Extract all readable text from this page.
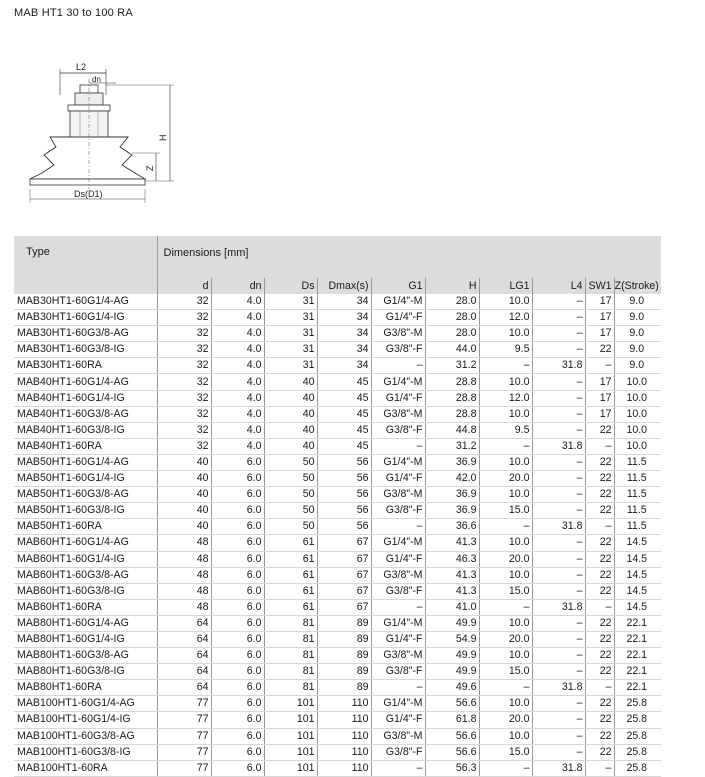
MAB HT1 30 to 100 RA
L2
dn
H
Z
Ds(D1)
Type	Dimensions [mm]									
	d	dn	Ds	Dmax(s)	G1	H	LG1	L4	SW1	Z(Stroke)
MAB30HT1-60G1/4-AG	32	4.0	31	34	G1/4"-M	28.0	10.0	–	17	9.0
MAB30HT1-60G1/4-IG	32	4.0	31	34	G1/4"-F	28.0	12.0	–	17	9.0
MAB30HT1-60G3/8-AG	32	4.0	31	34	G3/8"-M	28.0	10.0	–	17	9.0
MAB30HT1-60G3/8-IG	32	4.0	31	34	G3/8"-F	44.0	9.5	–	22	9.0
MAB30HT1-60RA	32	4.0	31	34	–	31.2	–	31.8	–	9.0
MAB40HT1-60G1/4-AG	32	4.0	40	45	G1/4"-M	28.8	10.0	–	17	10.0
MAB40HT1-60G1/4-IG	32	4.0	40	45	G1/4"-F	28.8	12.0	–	17	10.0
MAB40HT1-60G3/8-AG	32	4.0	40	45	G3/8"-M	28.8	10.0	–	17	10.0
MAB40HT1-60G3/8-IG	32	4.0	40	45	G3/8"-F	44.8	9.5	–	22	10.0
MAB40HT1-60RA	32	4.0	40	45	–	31.2	–	31.8	–	10.0
MAB50HT1-60G1/4-AG	40	6.0	50	56	G1/4"-M	36.9	10.0	–	22	11.5
MAB50HT1-60G1/4-IG	40	6.0	50	56	G1/4"-F	42.0	20.0	–	22	11.5
MAB50HT1-60G3/8-AG	40	6.0	50	56	G3/8"-M	36.9	10.0	–	22	11.5
MAB50HT1-60G3/8-IG	40	6.0	50	56	G3/8"-F	36.9	15.0	–	22	11.5
MAB50HT1-60RA	40	6.0	50	56	–	36.6	–	31.8	–	11.5
MAB60HT1-60G1/4-AG	48	6.0	61	67	G1/4"-M	41.3	10.0	–	22	14.5
MAB60HT1-60G1/4-IG	48	6.0	61	67	G1/4"-F	46.3	20.0	–	22	14.5
MAB60HT1-60G3/8-AG	48	6.0	61	67	G3/8"-M	41.3	10.0	–	22	14.5
MAB60HT1-60G3/8-IG	48	6.0	61	67	G3/8"-F	41.3	15.0	–	22	14.5
MAB60HT1-60RA	48	6.0	61	67	–	41.0	–	31.8	–	14.5
MAB80HT1-60G1/4-AG	64	6.0	81	89	G1/4"-M	49.9	10.0	–	22	22.1
MAB80HT1-60G1/4-IG	64	6.0	81	89	G1/4"-F	54.9	20.0	–	22	22.1
MAB80HT1-60G3/8-AG	64	6.0	81	89	G3/8"-M	49.9	10.0	–	22	22.1
MAB80HT1-60G3/8-IG	64	6.0	81	89	G3/8"-F	49.9	15.0	–	22	22.1
MAB80HT1-60RA	64	6.0	81	89	–	49.6	–	31.8	–	22.1
MAB100HT1-60G1/4-AG	77	6.0	101	110	G1/4"-M	56.6	10.0	–	22	25.8
MAB100HT1-60G1/4-IG	77	6.0	101	110	G1/4"-F	61.8	20.0	–	22	25.8
MAB100HT1-60G3/8-AG	77	6.0	101	110	G3/8"-M	56.6	10.0	–	22	25.8
MAB100HT1-60G3/8-IG	77	6.0	101	110	G3/8"-F	56.6	15.0	–	22	25.8
MAB100HT1-60RA	77	6.0	101	110	–	56.3	–	31.8	–	25.8
